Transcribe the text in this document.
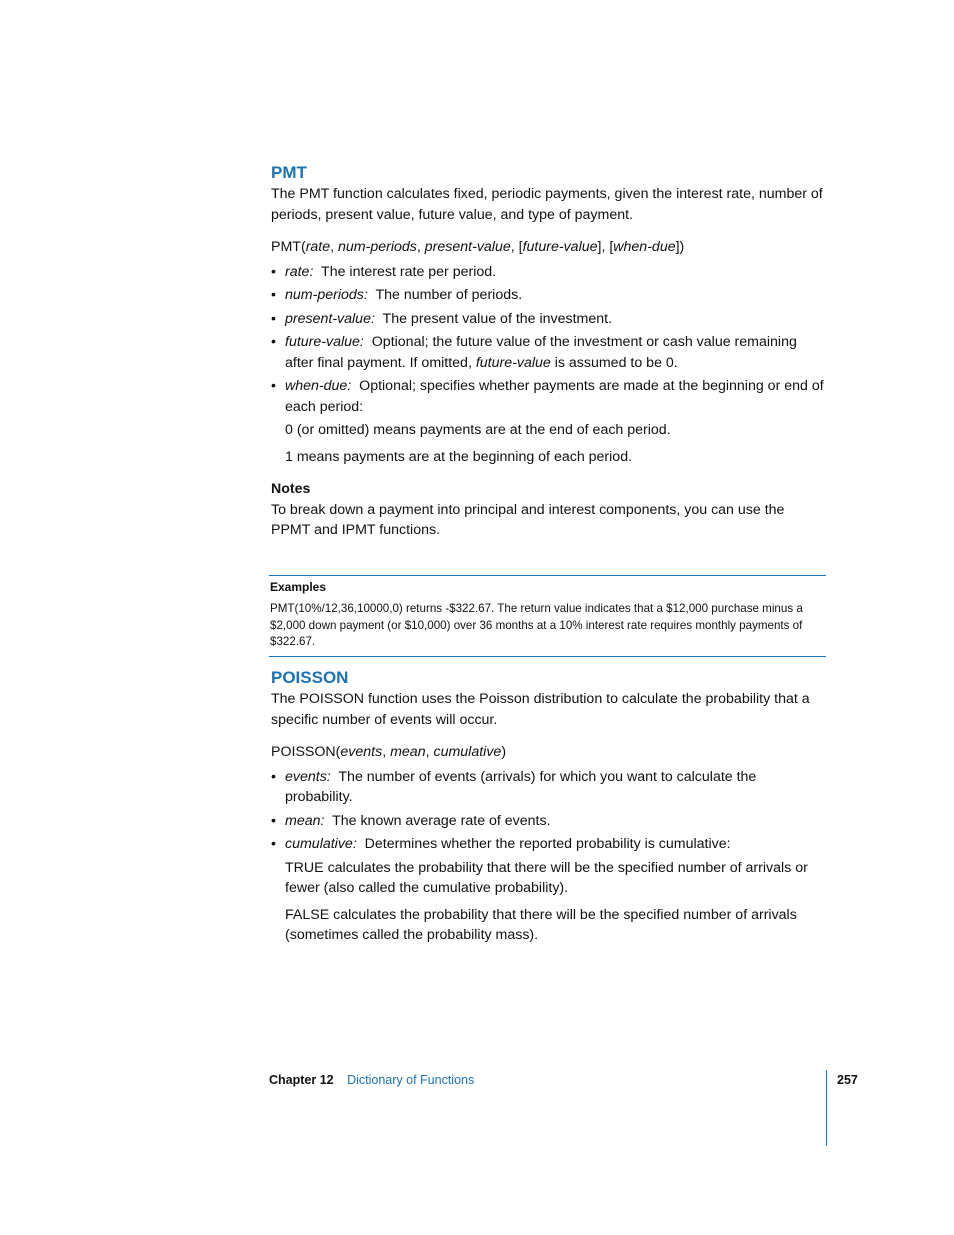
PMT

The PMT function calculates fixed, periodic payments, given the interest rate, number of periods, present value, future value, and type of payment.

PMT(rate, num-periods, present-value, [future-value], [when-due])

• rate: The interest rate per period.
• num-periods: The number of periods.
• present-value: The present value of the investment.
• future-value: Optional; the future value of the investment or cash value remaining after final payment. If omitted, future-value is assumed to be 0.
• when-due: Optional; specifies whether payments are made at the beginning or end of each period:
0 (or omitted) means payments are at the end of each period.
1 means payments are at the beginning of each period.

Notes

To break down a payment into principal and interest components, you can use the PPMT and IPMT functions.

Examples
PMT(10%/12,36,10000,0) returns -$322.67. The return value indicates that a $12,000 purchase minus a $2,000 down payment (or $10,000) over 36 months at a 10% interest rate requires monthly payments of $322.67.
POISSON

The POISSON function uses the Poisson distribution to calculate the probability that a specific number of events will occur.

POISSON(events, mean, cumulative)

• events: The number of events (arrivals) for which you want to calculate the probability.
• mean: The known average rate of events.
• cumulative: Determines whether the reported probability is cumulative:
TRUE calculates the probability that there will be the specified number of arrivals or fewer (also called the cumulative probability).
FALSE calculates the probability that there will be the specified number of arrivals (sometimes called the probability mass).
Chapter 12 Dictionary of Functions	257
